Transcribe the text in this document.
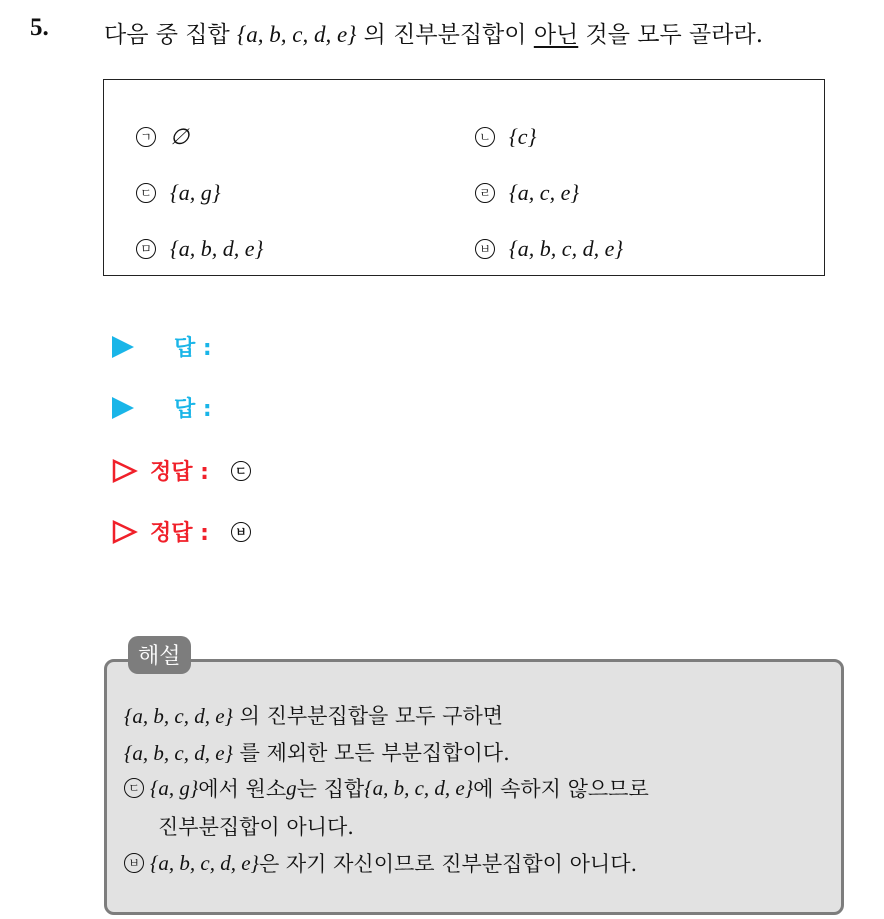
5. 다음 중 집합 {a, b, c, d, e} 의 진부분집합이 아닌 것을 모두 골라라.
ㄱ ∅	ㄴ {c}
ㄷ {a, g}	ㄹ {a, c, e}
ㅁ {a, b, d, e}	ㅂ {a, b, c, d, e}
답 :
답 :
정답 :	ㄷ
정답 :	ㅂ
해설
{a, b, c, d, e} 의 진부분집합을 모두 구하면
{a, b, c, d, e} 를 제외한 모든 부분집합이다.
ㄷ {a, g} 에서 원소 g 는 집합 {a, b, c, d, e} 에 속하지 않으므로
진부분집합이 아니다.
ㅂ {a, b, c, d, e} 은 자기 자신이므로 진부분집합이 아니다.
